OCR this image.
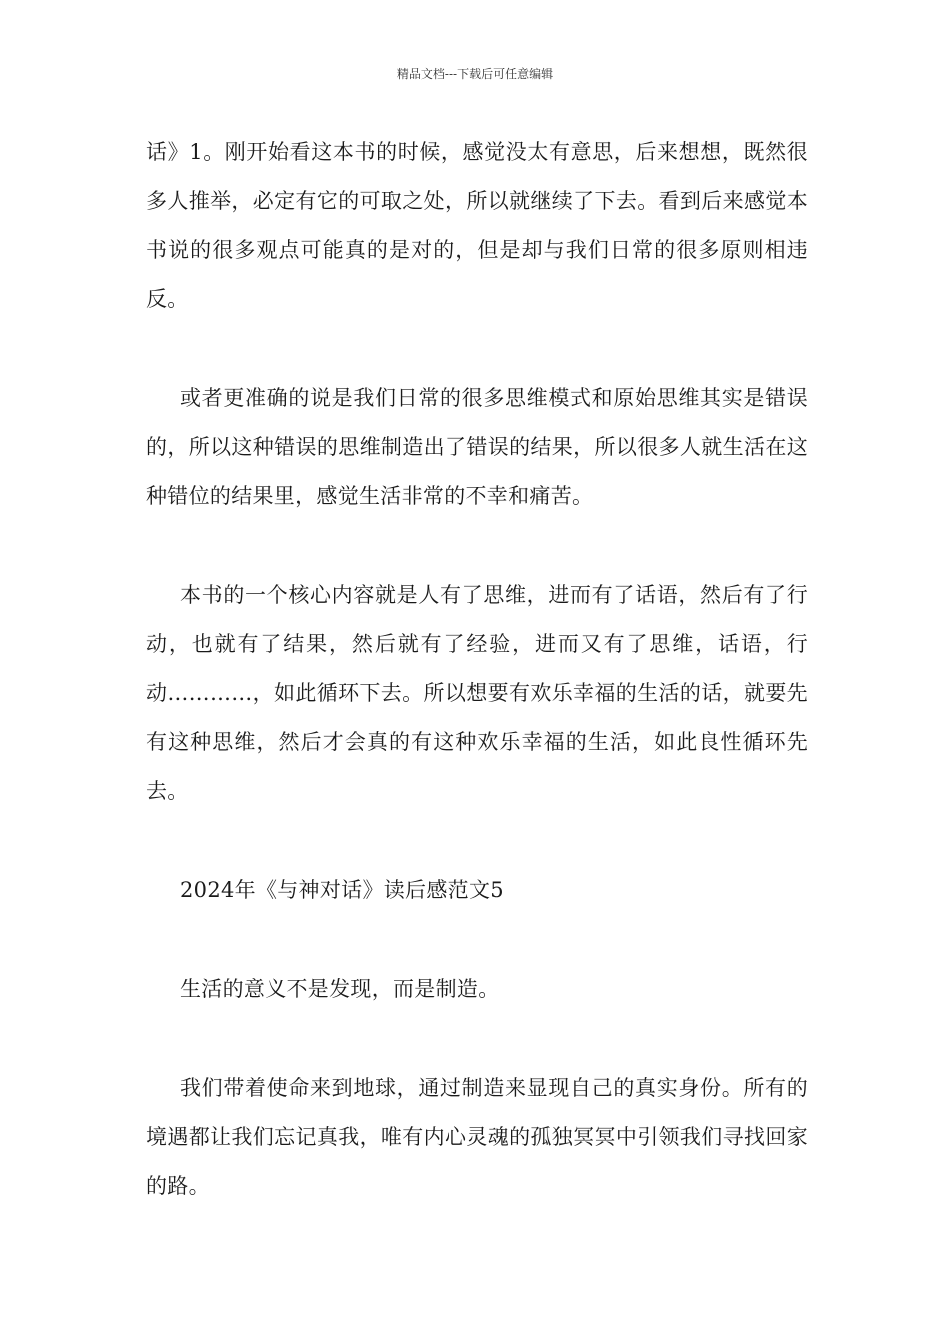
精品文档---下载后可任意编辑

话》1。刚开始看这本书的时候，感觉没太有意思，后来想想，既然很多人推举，必定有它的可取之处，所以就继续了下去。看到后来感觉本书说的很多观点可能真的是对的，但是却与我们日常的很多原则相违反。

或者更准确的说是我们日常的很多思维模式和原始思维其实是错误的，所以这种错误的思维制造出了错误的结果，所以很多人就生活在这种错位的结果里，感觉生活非常的不幸和痛苦。

本书的一个核心内容就是人有了思维，进而有了话语，然后有了行动，也就有了结果，然后就有了经验，进而又有了思维，话语，行动…………，如此循环下去。所以想要有欢乐幸福的生活的话，就要先有这种思维，然后才会真的有这种欢乐幸福的生活，如此良性循环先去。

2024年《与神对话》读后感范文5

生活的意义不是发现，而是制造。

我们带着使命来到地球，通过制造来显现自己的真实身份。所有的境遇都让我们忘记真我，唯有内心灵魂的孤独冥冥中引领我们寻找回家的路。
